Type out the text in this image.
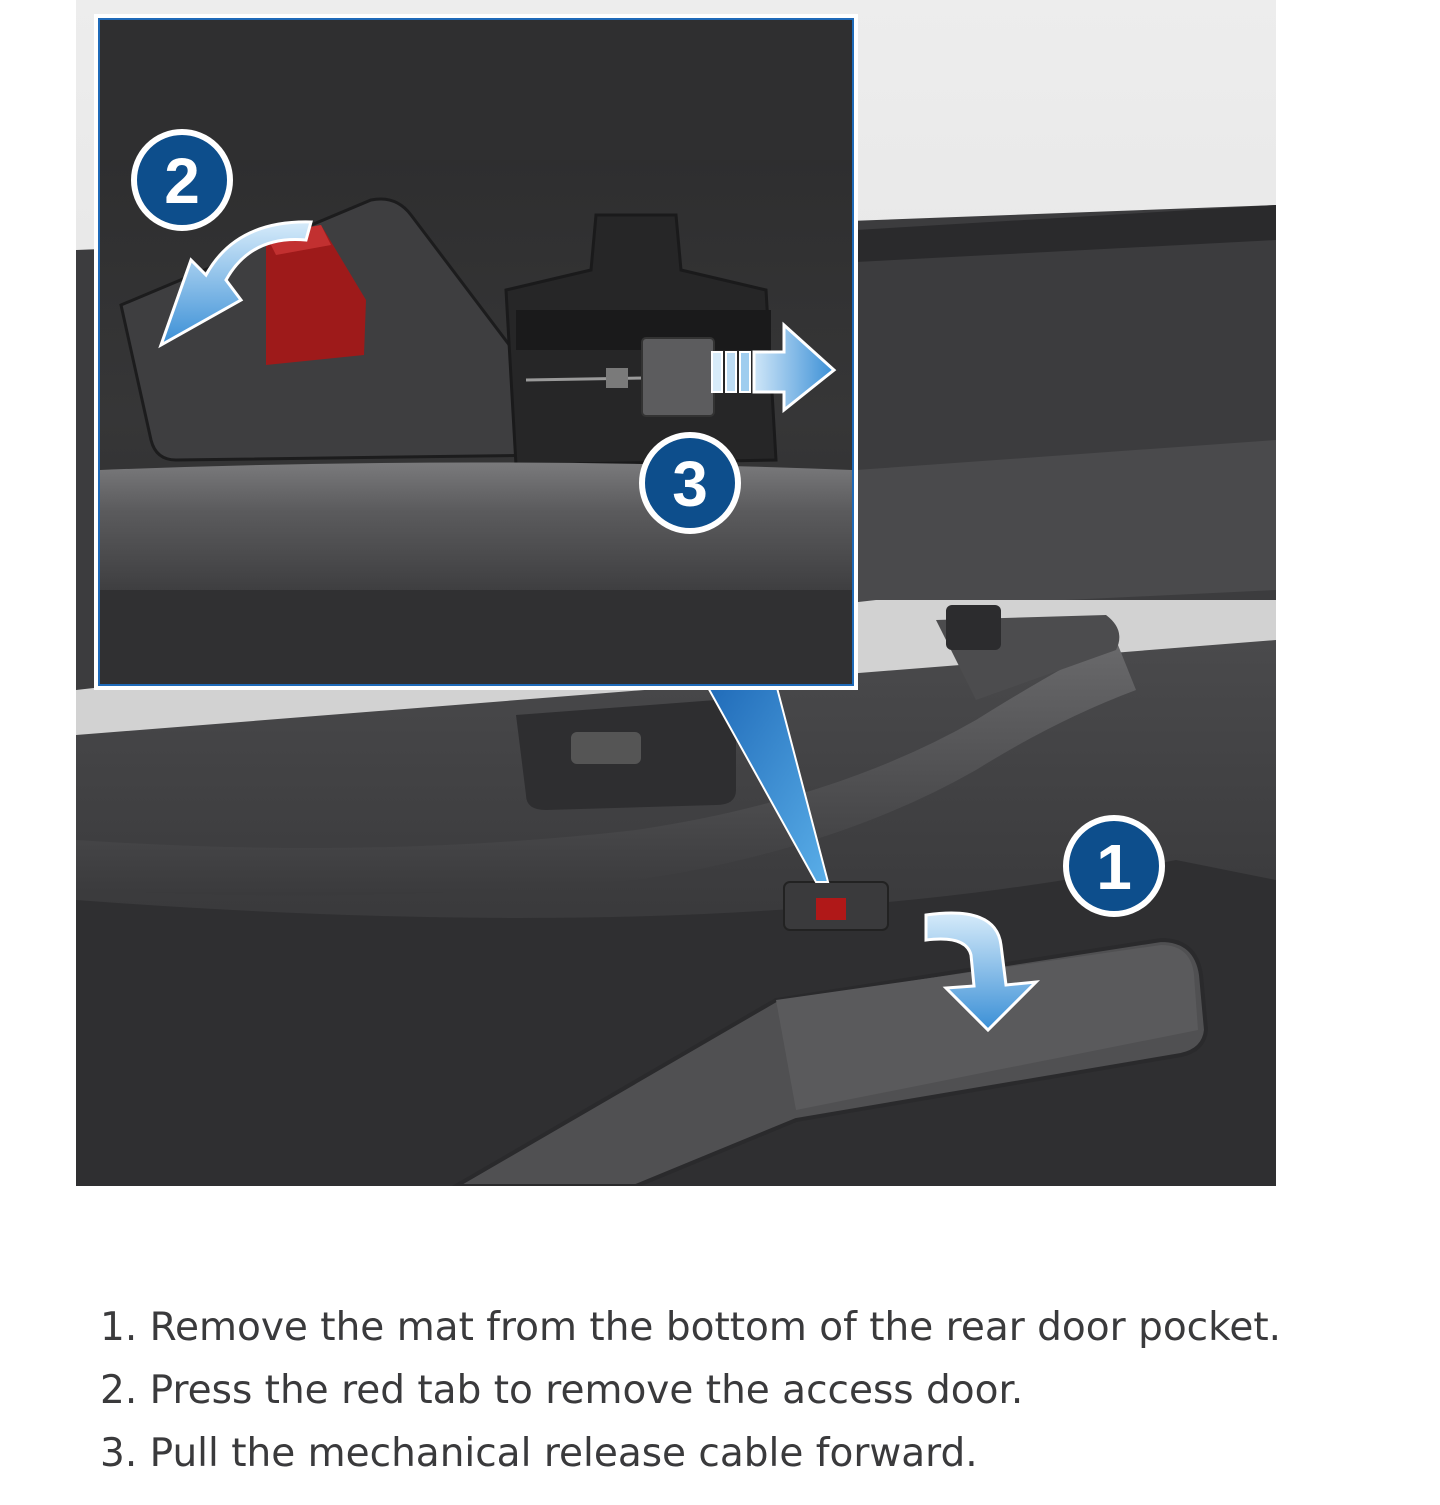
2
3
1
1. Remove the mat from the bottom of the rear door pocket.
2. Press the red tab to remove the access door.
3. Pull the mechanical release cable forward.
